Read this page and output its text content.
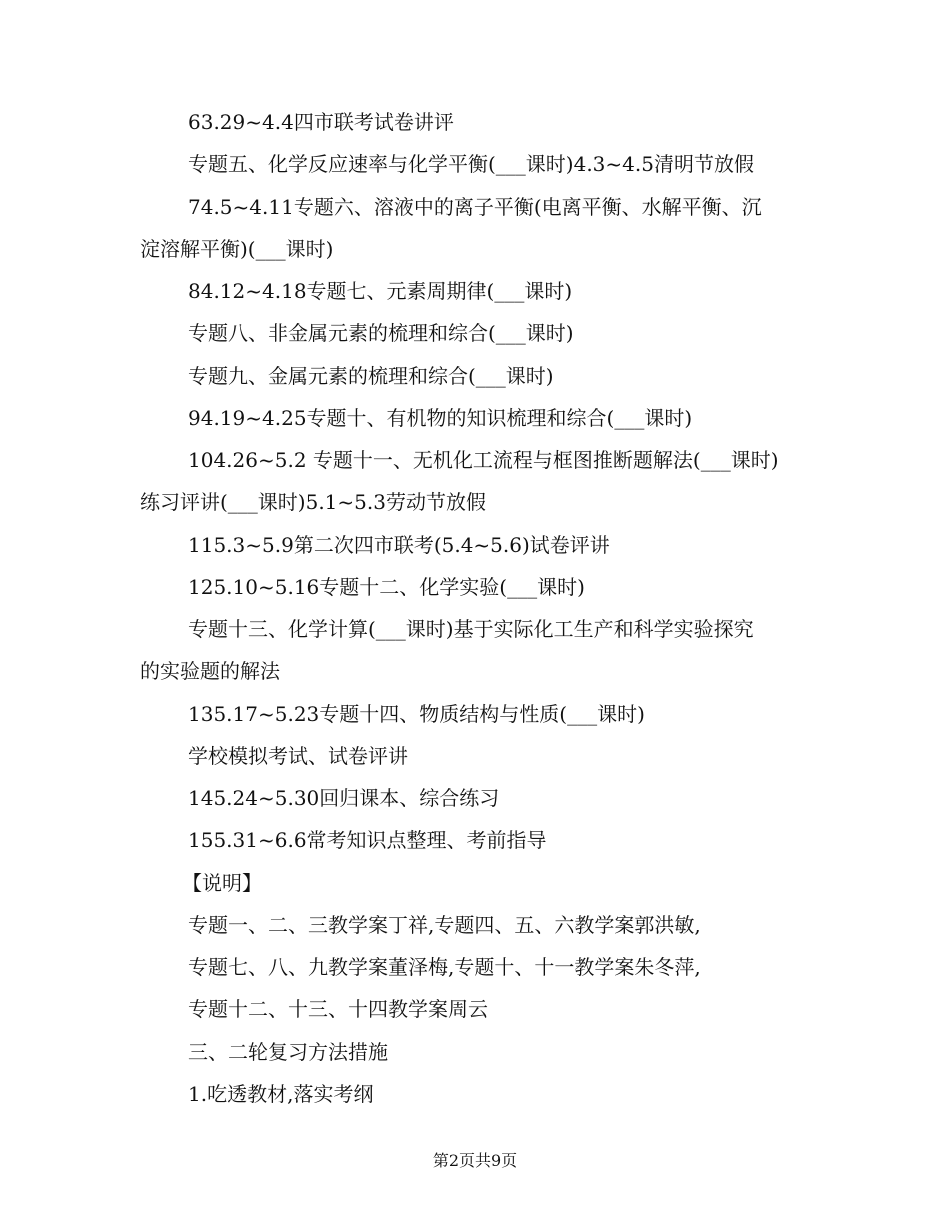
63.29~4.4四市联考试卷讲评
专题五、化学反应速率与化学平衡(___课时)4.3~4.5清明节放假
74.5~4.11专题六、溶液中的离子平衡(电离平衡、水解平衡、沉
淀溶解平衡)(___课时)
84.12~4.18专题七、元素周期律(___课时)
专题八、非金属元素的梳理和综合(___课时)
专题九、金属元素的梳理和综合(___课时)
94.19~4.25专题十、有机物的知识梳理和综合(___课时)
104.26~5.2 专题十一、无机化工流程与框图推断题解法(___课时)
练习评讲(___课时)5.1~5.3劳动节放假
115.3~5.9第二次四市联考(5.4~5.6)试卷评讲
125.10~5.16专题十二、化学实验(___课时)
专题十三、化学计算(___课时)基于实际化工生产和科学实验探究
的实验题的解法
135.17~5.23专题十四、物质结构与性质(___课时)
学校模拟考试、试卷评讲
145.24~5.30回归课本、综合练习
155.31~6.6常考知识点整理、考前指导
【说明】
专题一、二、三教学案丁祥,专题四、五、六教学案郭洪敏,
专题七、八、九教学案董泽梅,专题十、十一教学案朱冬萍,
专题十二、十三、十四教学案周云
三、二轮复习方法措施
1.吃透教材,落实考纲
第2页共9页
